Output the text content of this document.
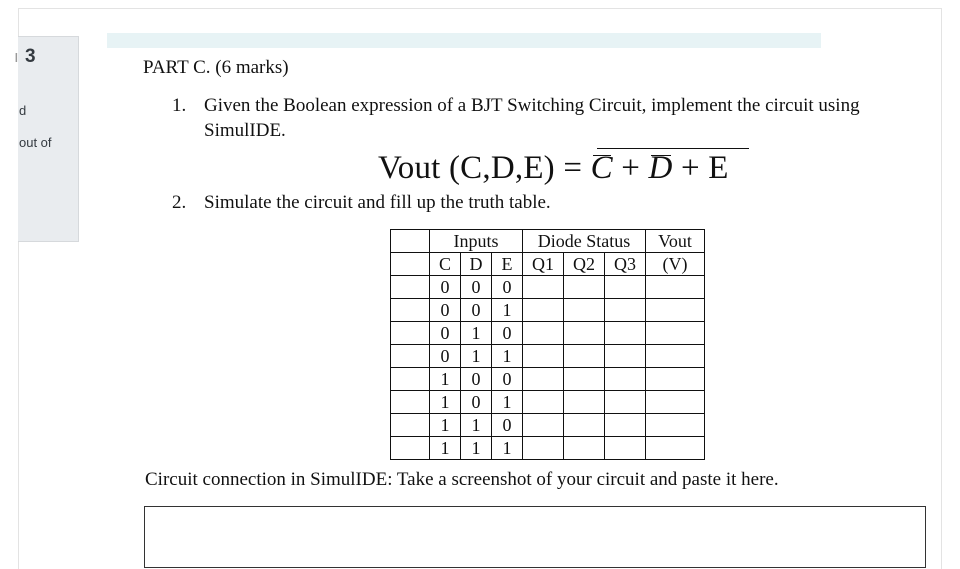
ı 3
d
out of
PART C. (6 marks)
1. Given the Boolean expression of a BJT Switching Circuit, implement the circuit using
SimulIDE.
Vout (C,D,E) = C + D + E
2. Simulate the circuit and fill up the truth table.
	Inputs			Diode Status			Vout
	C	D	E	Q1	Q2	Q3	(V)
	0	0	0				
	0	0	1				
	0	1	0				
	0	1	1				
	1	0	0				
	1	0	1				
	1	1	0				
	1	1	1				
Circuit connection in SimulIDE: Take a screenshot of your circuit and paste it here.
